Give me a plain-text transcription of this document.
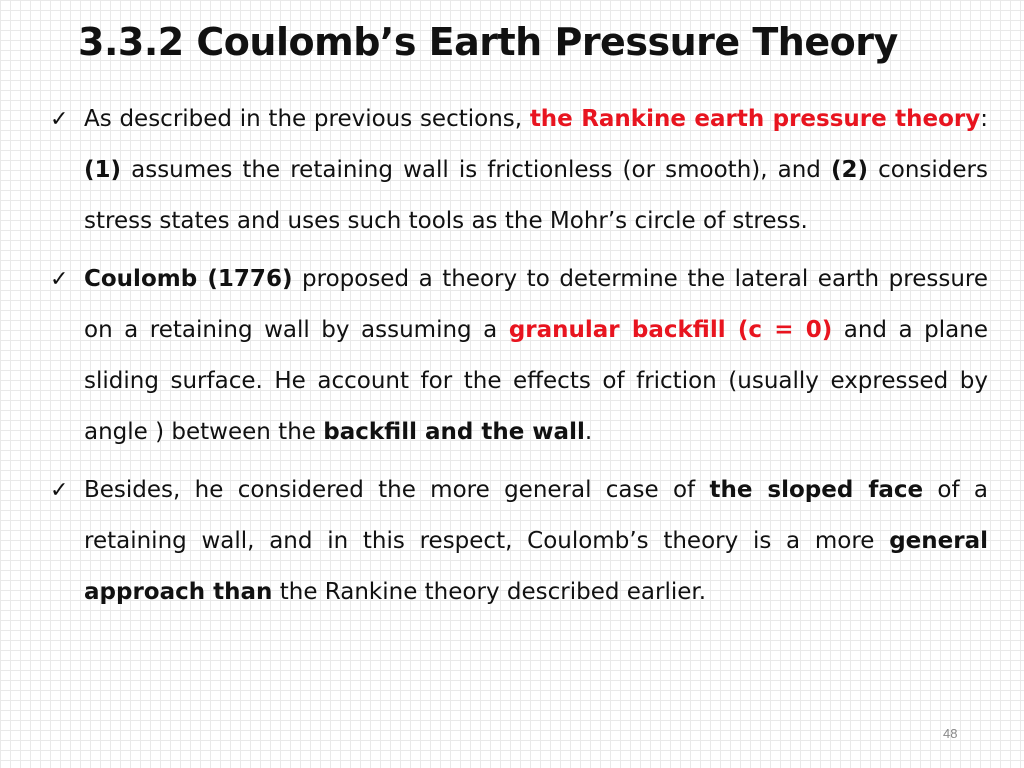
3.3.2 Coulomb’s Earth Pressure Theory
✓ As described in the previous sections, the Rankine earth pressure theory: (1) assumes the retaining wall is frictionless (or smooth), and (2) considers stress states and uses such tools as the Mohr’s circle of stress.
✓ Coulomb (1776) proposed a theory to determine the lateral earth pressure on a retaining wall by assuming a granular backfill (c = 0) and a plane sliding surface. He account for the effects of friction (usually expressed by angle ) between the backfill and the wall.
✓ Besides, he considered the more general case of the sloped face of a retaining wall, and in this respect, Coulomb’s theory is a more general approach than the Rankine theory described earlier.
48
